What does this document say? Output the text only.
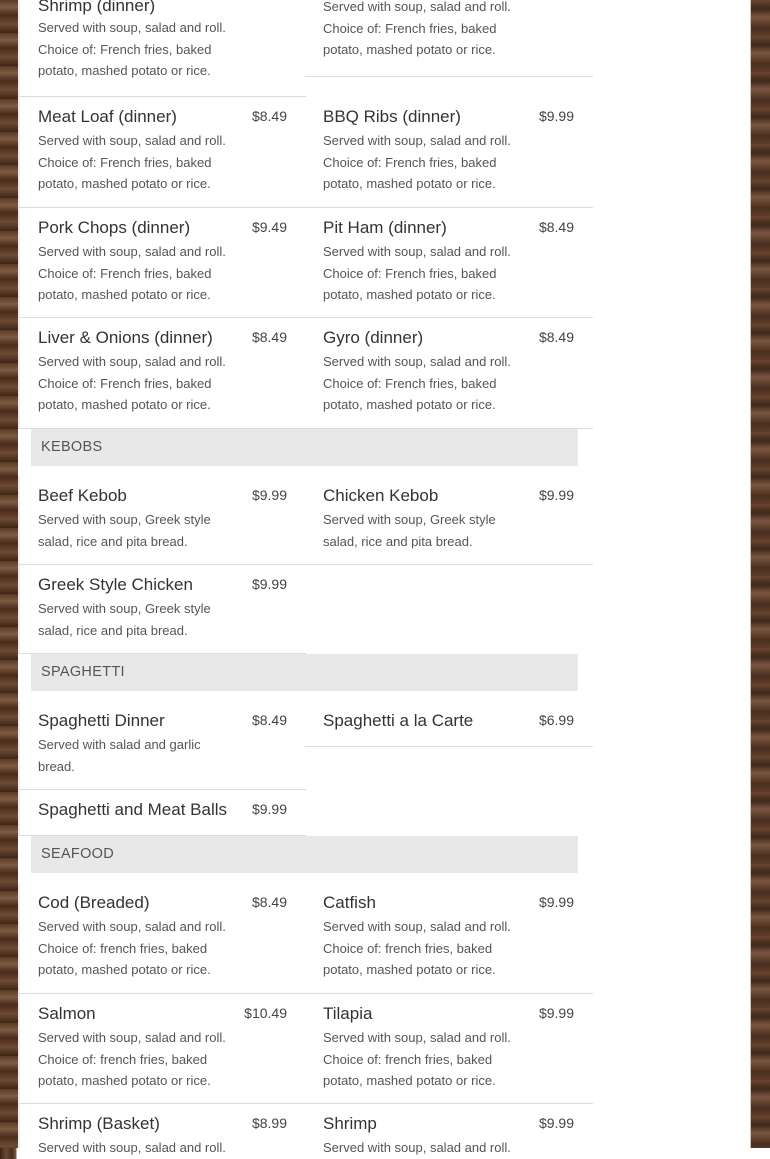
Shrimp (dinner)
Served with soup, salad and roll. Choice of: French fries, baked potato, mashed potato or rice.
Served with soup, salad and roll. Choice of: French fries, baked potato, mashed potato or rice.
Meat Loaf (dinner)	$8.49
Served with soup, salad and roll. Choice of: French fries, baked potato, mashed potato or rice.
BBQ Ribs (dinner)	$9.99
Served with soup, salad and roll. Choice of: French fries, baked potato, mashed potato or rice.
Pork Chops (dinner)	$9.49
Served with soup, salad and roll. Choice of: French fries, baked potato, mashed potato or rice.
Pit Ham (dinner)	$8.49
Served with soup, salad and roll. Choice of: French fries, baked potato, mashed potato or rice.
Liver & Onions (dinner)	$8.49
Served with soup, salad and roll. Choice of: French fries, baked potato, mashed potato or rice.
Gyro (dinner)	$8.49
Served with soup, salad and roll. Choice of: French fries, baked potato, mashed potato or rice.
KEBOBS
Beef Kebob	$9.99
Served with soup, Greek style salad, rice and pita bread.
Chicken Kebob	$9.99
Served with soup, Greek style salad, rice and pita bread.
Greek Style Chicken	$9.99
Served with soup, Greek style salad, rice and pita bread.
SPAGHETTI
Spaghetti Dinner	$8.49
Served with salad and garlic bread.
Spaghetti a la Carte	$6.99
Spaghetti and Meat Balls $9.99
SEAFOOD
Cod (Breaded)	$8.49
Served with soup, salad and roll. Choice of: french fries, baked potato, mashed potato or rice.
Catfish	$9.99
Served with soup, salad and roll. Choice of: french fries, baked potato, mashed potato or rice.
Salmon	$10.49
Served with soup, salad and roll. Choice of: french fries, baked potato, mashed potato or rice.
Tilapia	$9.99
Served with soup, salad and roll. Choice of: french fries, baked potato, mashed potato or rice.
Shrimp (Basket)	$8.99
Served with soup, salad and roll.
Shrimp	$9.99
Served with soup, salad and roll.
